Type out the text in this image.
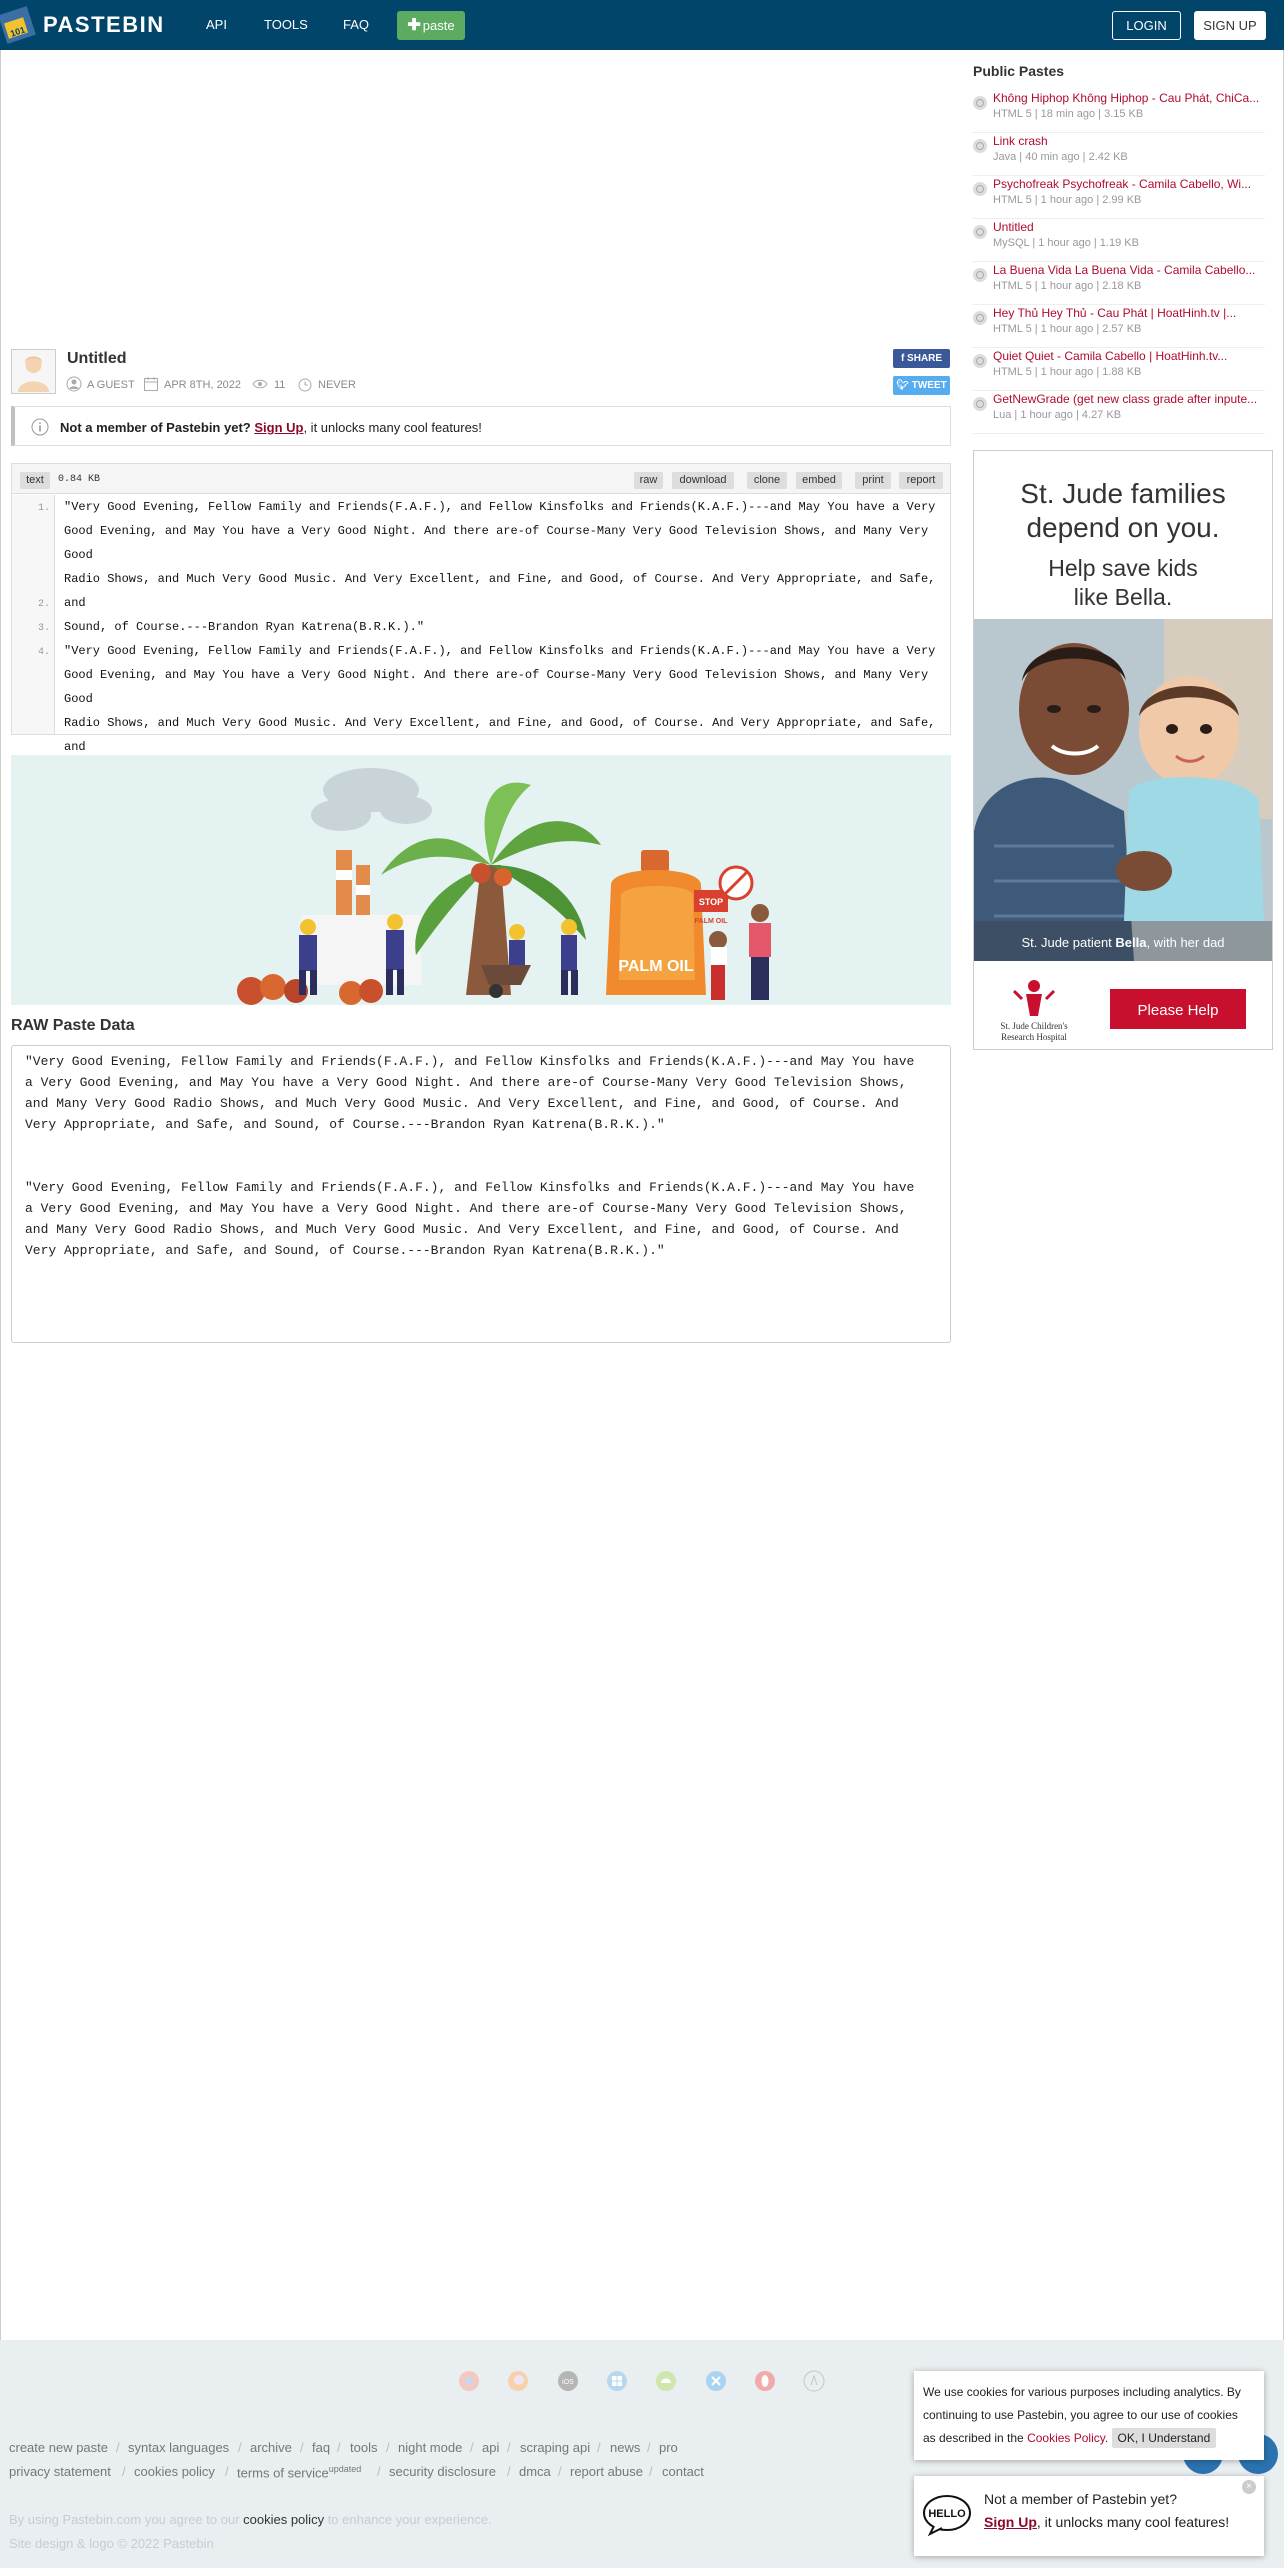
101 PASTEBIN	API	TOOLS	FAQ	✚ paste	LOGIN	SIGN UP
Untitled
A GUEST	APR 8TH, 2022	11	NEVER
f SHARE
🐦︎ TWEET
Not a member of Pastebin yet? Sign Up, it unlocks many cool features!
text	0.84 KB	raw	download	clone	embed	print	report
1.
2.
3.
4.
"Very Good Evening, Fellow Family and Friends(F.A.F.), and Fellow Kinsfolks and Friends(K.A.F.)---and May You have a Very
Good Evening, and May You have a Very Good Night. And there are-of Course-Many Very Good Television Shows, and Many Very Good
Radio Shows, and Much Very Good Music. And Very Excellent, and Fine, and Good, of Course. And Very Appropriate, and Safe, and
Sound, of Course.---Brandon Ryan Katrena(B.R.K.)."
"Very Good Evening, Fellow Family and Friends(F.A.F.), and Fellow Kinsfolks and Friends(K.A.F.)---and May You have a Very
Good Evening, and May You have a Very Good Night. And there are-of Course-Many Very Good Television Shows, and Many Very Good
Radio Shows, and Much Very Good Music. And Very Excellent, and Fine, and Good, of Course. And Very Appropriate, and Safe, and
PALM OIL
STOP
PALM OIL
RAW Paste Data
"Very Good Evening, Fellow Family and Friends(F.A.F.), and Fellow Kinsfolks and Friends(K.A.F.)---and May You have
a Very Good Evening, and May You have a Very Good Night. And there are-of Course-Many Very Good Television Shows,
and Many Very Good Radio Shows, and Much Very Good Music. And Very Excellent, and Fine, and Good, of Course. And
Very Appropriate, and Safe, and Sound, of Course.---Brandon Ryan Katrena(B.R.K.)."
"Very Good Evening, Fellow Family and Friends(F.A.F.), and Fellow Kinsfolks and Friends(K.A.F.)---and May You have
a Very Good Evening, and May You have a Very Good Night. And there are-of Course-Many Very Good Television Shows,
and Many Very Good Radio Shows, and Much Very Good Music. And Very Excellent, and Fine, and Good, of Course. And
Very Appropriate, and Safe, and Sound, of Course.---Brandon Ryan Katrena(B.R.K.)."
Public Pastes
Không Hiphop Không Hiphop - Cau Phát, ChiCa...
HTML 5 | 18 min ago | 3.15 KB
Link crash
Java | 40 min ago | 2.42 KB
Psychofreak Psychofreak - Camila Cabello, Wi...
HTML 5 | 1 hour ago | 2.99 KB
Untitled
MySQL | 1 hour ago | 1.19 KB
La Buena Vida La Buena Vida - Camila Cabello...
HTML 5 | 1 hour ago | 2.18 KB
Hey Thủ Hey Thủ - Cau Phát | HoatHinh.tv |...
HTML 5 | 1 hour ago | 2.57 KB
Quiet Quiet - Camila Cabello | HoatHinh.tv...
HTML 5 | 1 hour ago | 1.88 KB
GetNewGrade (get new class grade after inpute...
Lua | 1 hour ago | 4.27 KB
St. Jude families
depend on you.
Help save kids
like Bella.
St. Jude patient Bella, with her dad
St. Jude Children's
Research Hospital
Please Help
iOS
create new paste / syntax languages / archive / faq / tools / night mode / api / scraping api / news / pro
privacy statement / cookies policy / terms of service$^{updated}$ / security disclosure / dmca / report abuse / contact
By using Pastebin.com you agree to our cookies policy to enhance your experience.
Site design & logo © 2022 Pastebin
We use cookies for various purposes including analytics. By
continuing to use Pastebin, you agree to our use of cookies
as described in the Cookies Policy. OK, I Understand
HELLO
Not a member of Pastebin yet?
Sign Up, it unlocks many cool features!
×
